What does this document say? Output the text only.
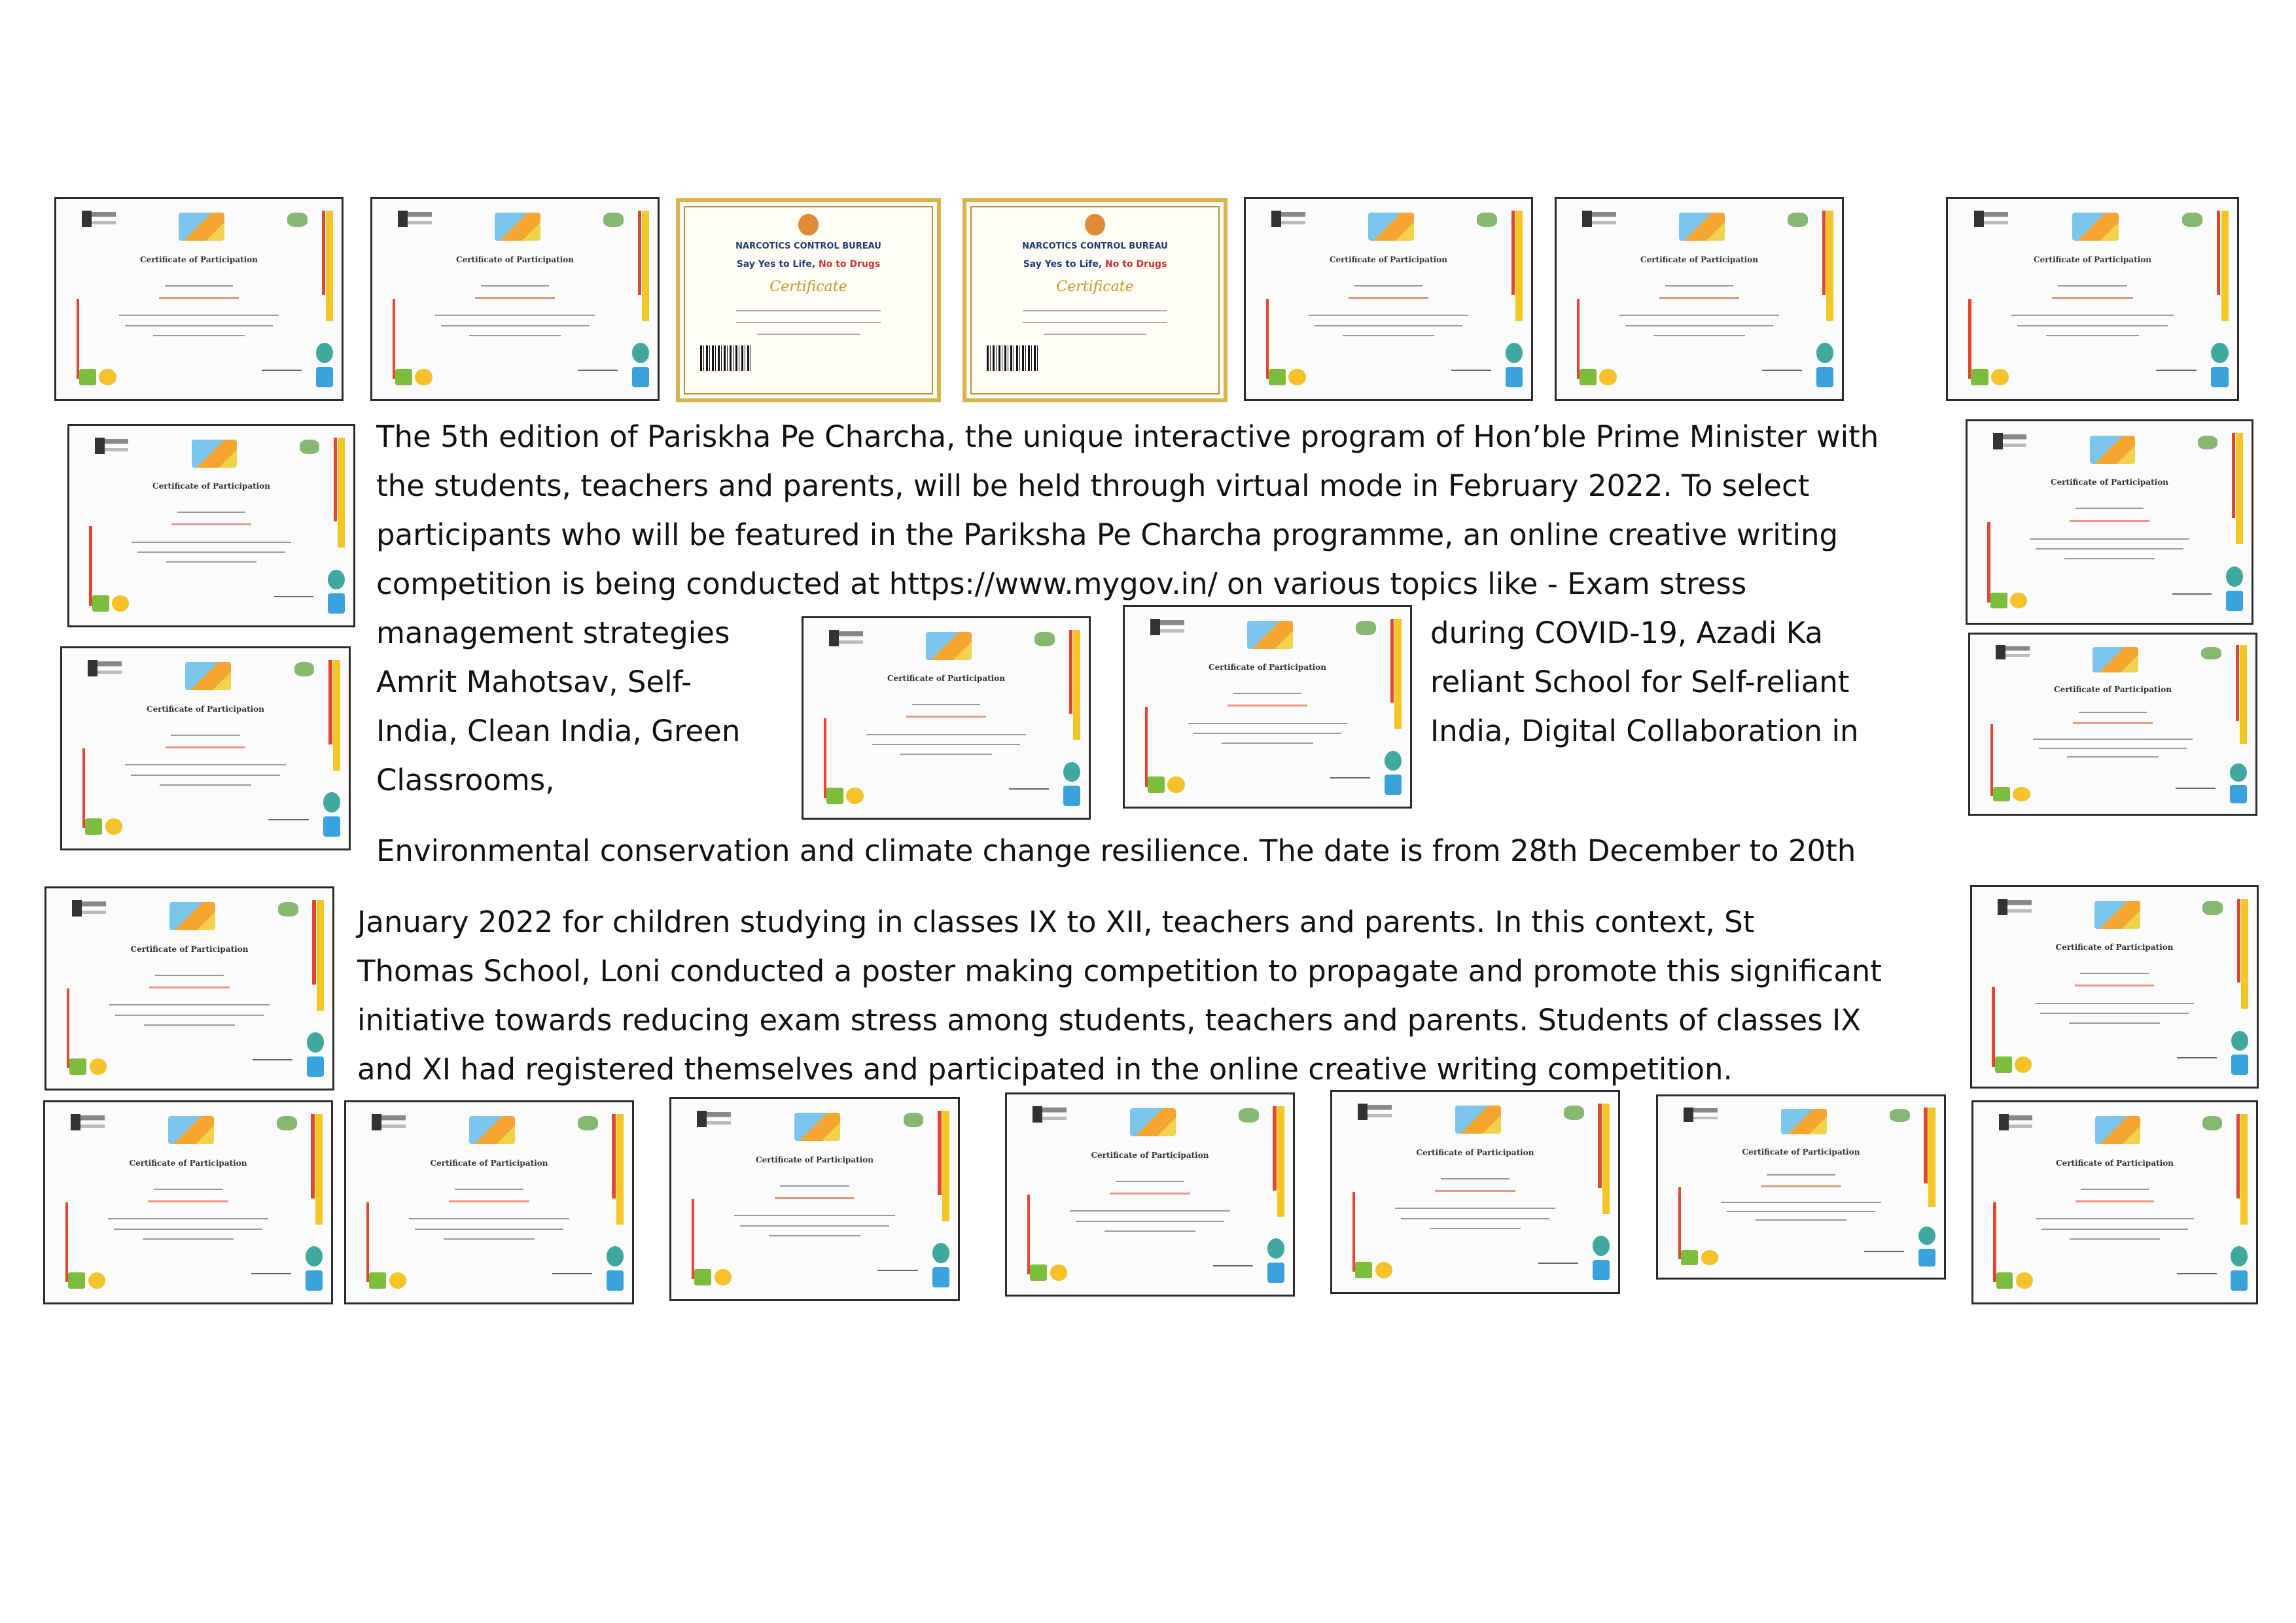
Certificate of Participation	Certificate of Participation
NARCOTICS CONTROL BUREAU
Say Yes to Life, No to Drugs
Certificate
NARCOTICS CONTROL BUREAU
Say Yes to Life, No to Drugs
Certificate
Certificate of Participation	Certificate of Participation	Certificate of Participation
Certificate of Participation
Certificate of Participation
Certificate of Participation
Certificate of Participation
Certificate of Participation
Certificate of Participation
Certificate of Participation
Certificate of Participation
Certificate of Participation	Certificate of Participation	Certificate of Participation	Certificate of Participation	Certificate of Participation	Certificate of Participation
Certificate of Participation

The 5th edition of Pariskha Pe Charcha, the unique interactive program of Hon’ble Prime Minister with

the students, teachers and parents, will be held through virtual mode in February 2022. To select

participants who will be featured in the Pariksha Pe Charcha programme, an online creative writing

competition is being conducted at https://www.mygov.in/ on various topics like - Exam stress

management strategies	during COVID-19, Azadi Ka

Amrit Mahotsav, Self-	reliant School for Self-reliant

India, Clean India, Green	India, Digital Collaboration in

Classrooms,

Environmental conservation and climate change resilience. The date is from 28th December to 20th

January 2022 for children studying in classes IX to XII, teachers and parents. In this context, St

Thomas School, Loni conducted a poster making competition to propagate and promote this significant

initiative towards reducing exam stress among students, teachers and parents. Students of classes IX

and XI had registered themselves and participated in the online creative writing competition.
